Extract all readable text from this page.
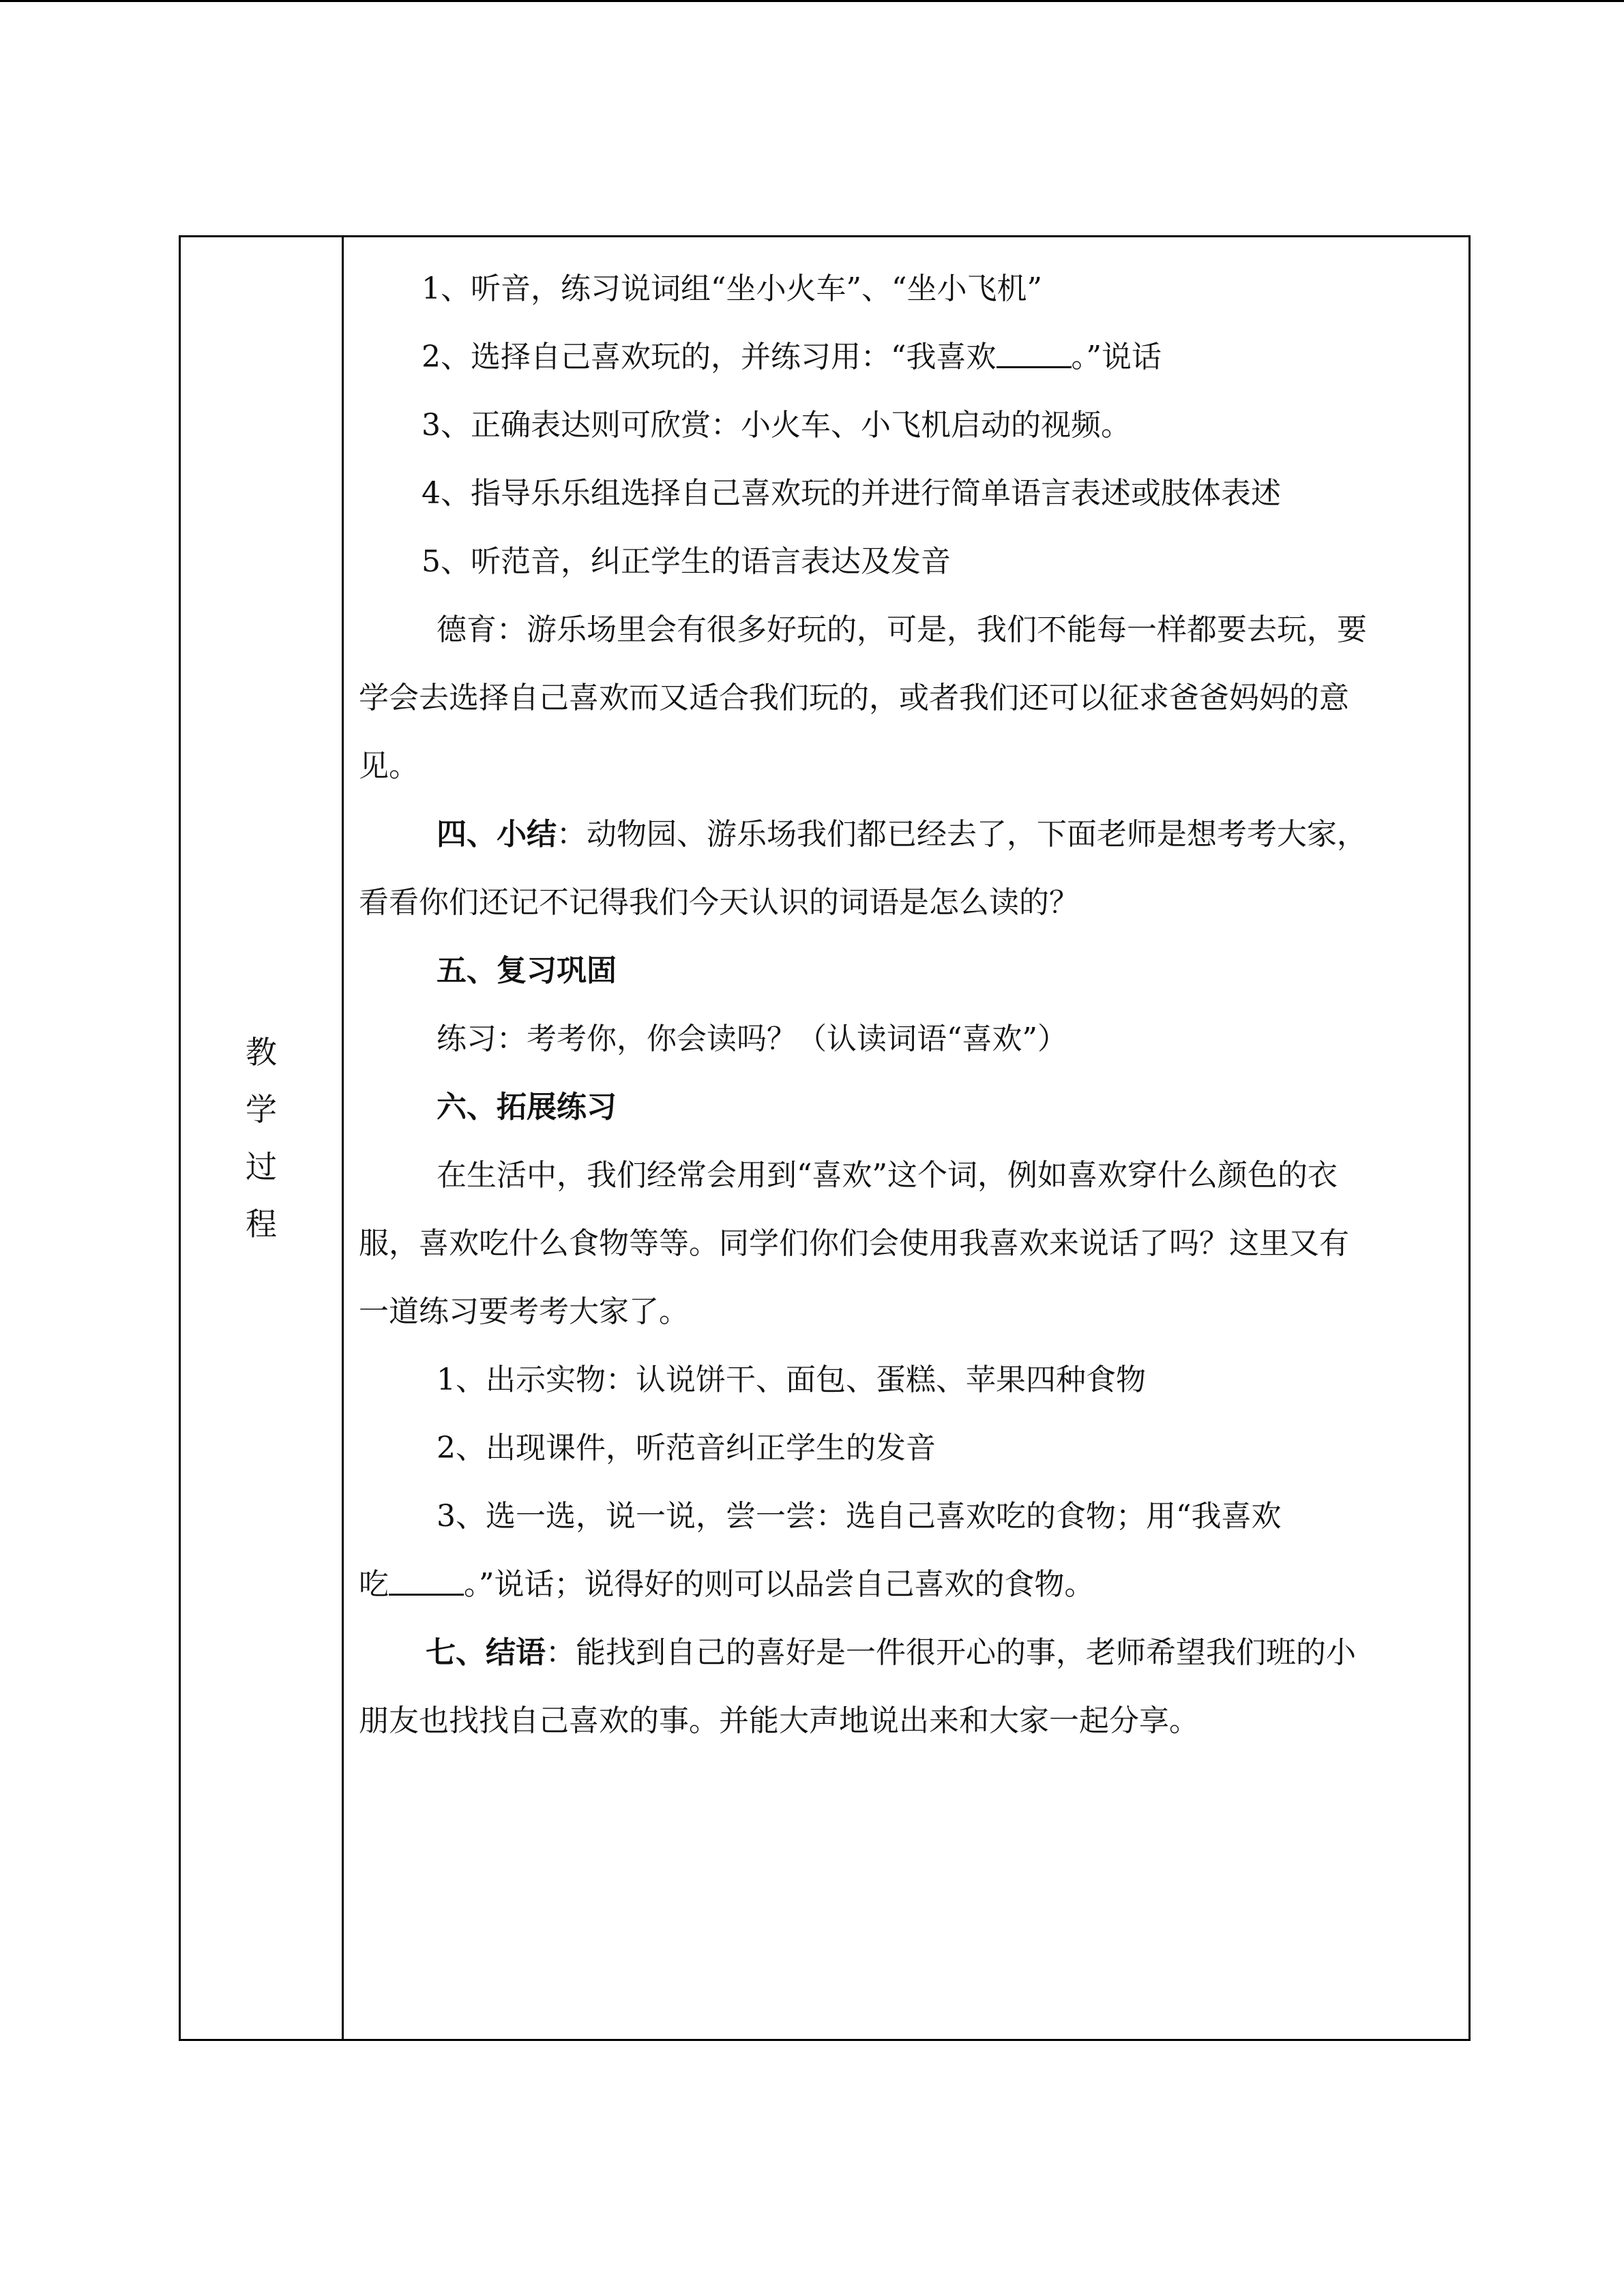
教
学
过
程
1、听音，练习说词组“坐小火车”、“坐小飞机”
2、选择自己喜欢玩的，并练习用：“我喜欢	。”说话
3、正确表达则可欣赏：小火车、小飞机启动的视频。
4、指导乐乐组选择自己喜欢玩的并进行简单语言表述或肢体表述
5、听范音，纠正学生的语言表达及发音
德育：游乐场里会有很多好玩的，可是，我们不能每一样都要去玩，要
学会去选择自己喜欢而又适合我们玩的，或者我们还可以征求爸爸妈妈的意
见。
四、小结：动物园、游乐场我们都已经去了，下面老师是想考考大家，
看看你们还记不记得我们今天认识的词语是怎么读的？
五、复习巩固
练习：考考你，你会读吗？（认读词语“喜欢”）
六、拓展练习
在生活中，我们经常会用到“喜欢”这个词，例如喜欢穿什么颜色的衣
服，喜欢吃什么食物等等。同学们你们会使用我喜欢来说话了吗？这里又有
一道练习要考考大家了。
1、出示实物：认说饼干、面包、蛋糕、苹果四种食物
2、出现课件，听范音纠正学生的发音
3、选一选，说一说，尝一尝：选自己喜欢吃的食物；用“我喜欢
吃	。”说话；说得好的则可以品尝自己喜欢的食物。
七、结语：能找到自己的喜好是一件很开心的事，老师希望我们班的小
朋友也找找自己喜欢的事。并能大声地说出来和大家一起分享。
